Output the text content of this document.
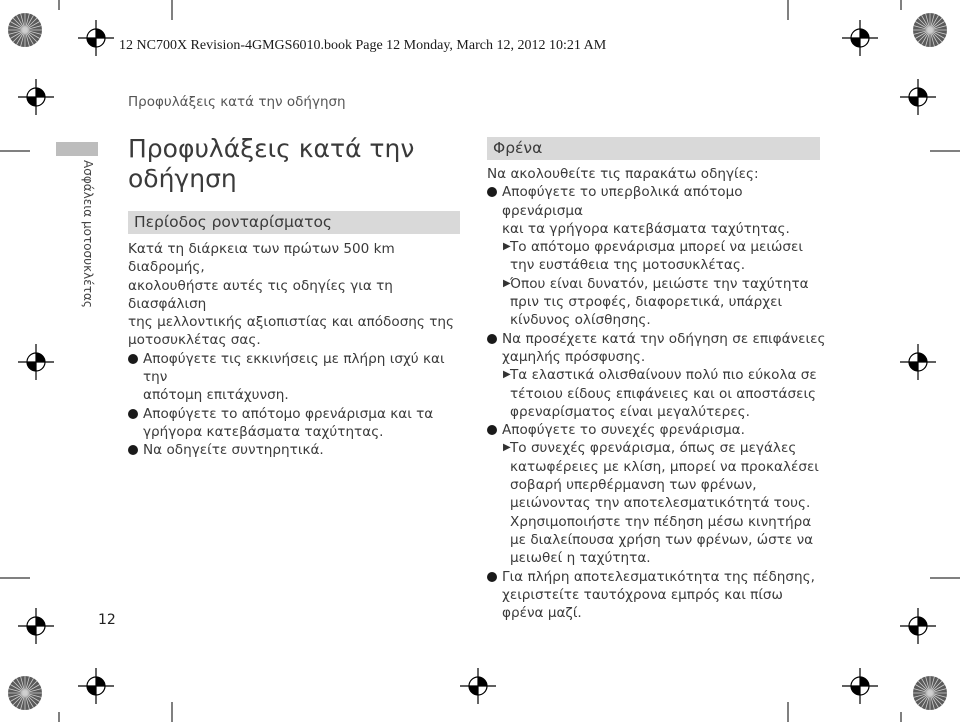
12 NC700X Revision-4GMGS6010.book Page 12 Monday, March 12, 2012 10:21 AM
Προφυλάξεις κατά την οδήγηση
Ασφάλεια μοτοσυκλέτας
Προφυλάξεις κατά την
οδήγηση
Περίοδος ρονταρίσματος
Κατά τη διάρκεια των πρώτων 500 km διαδρομής,
ακολουθήστε αυτές τις οδηγίες για τη διασφάλιση
της μελλοντικής αξιοπιστίας και απόδοσης της
μοτοσυκλέτας σας.
Αποφύγετε τις εκκινήσεις με πλήρη ισχύ και την
απότομη επιτάχυνση.
Αποφύγετε το απότομο φρενάρισμα και τα
γρήγορα κατεβάσματα ταχύτητας.
Να οδηγείτε συντηρητικά.
Φρένα
Να ακολουθείτε τις παρακάτω οδηγίες:
Αποφύγετε το υπερβολικά απότομο φρενάρισμα
και τα γρήγορα κατεβάσματα ταχύτητας.
▶ Το απότομο φρενάρισμα μπορεί να μειώσει
την ευστάθεια της μοτοσυκλέτας.
▶ Όπου είναι δυνατόν, μειώστε την ταχύτητα
πριν τις στροφές, διαφορετικά, υπάρχει
κίνδυνος ολίσθησης.
Να προσέχετε κατά την οδήγηση σε επιφάνειες
χαμηλής πρόσφυσης.
▶ Τα ελαστικά ολισθαίνουν πολύ πιο εύκολα σε
τέτοιου είδους επιφάνειες και οι αποστάσεις
φρεναρίσματος είναι μεγαλύτερες.
Αποφύγετε το συνεχές φρενάρισμα.
▶ Το συνεχές φρενάρισμα, όπως σε μεγάλες
κατωφέρειες με κλίση, μπορεί να προκαλέσει
σοβαρή υπερθέρμανση των φρένων,
μειώνοντας την αποτελεσματικότητά τους.
Χρησιμοποιήστε την πέδηση μέσω κινητήρα
με διαλείπουσα χρήση των φρένων, ώστε να
μειωθεί η ταχύτητα.
Για πλήρη αποτελεσματικότητα της πέδησης,
χειριστείτε ταυτόχρονα εμπρός και πίσω φρένα μαζί.
12
